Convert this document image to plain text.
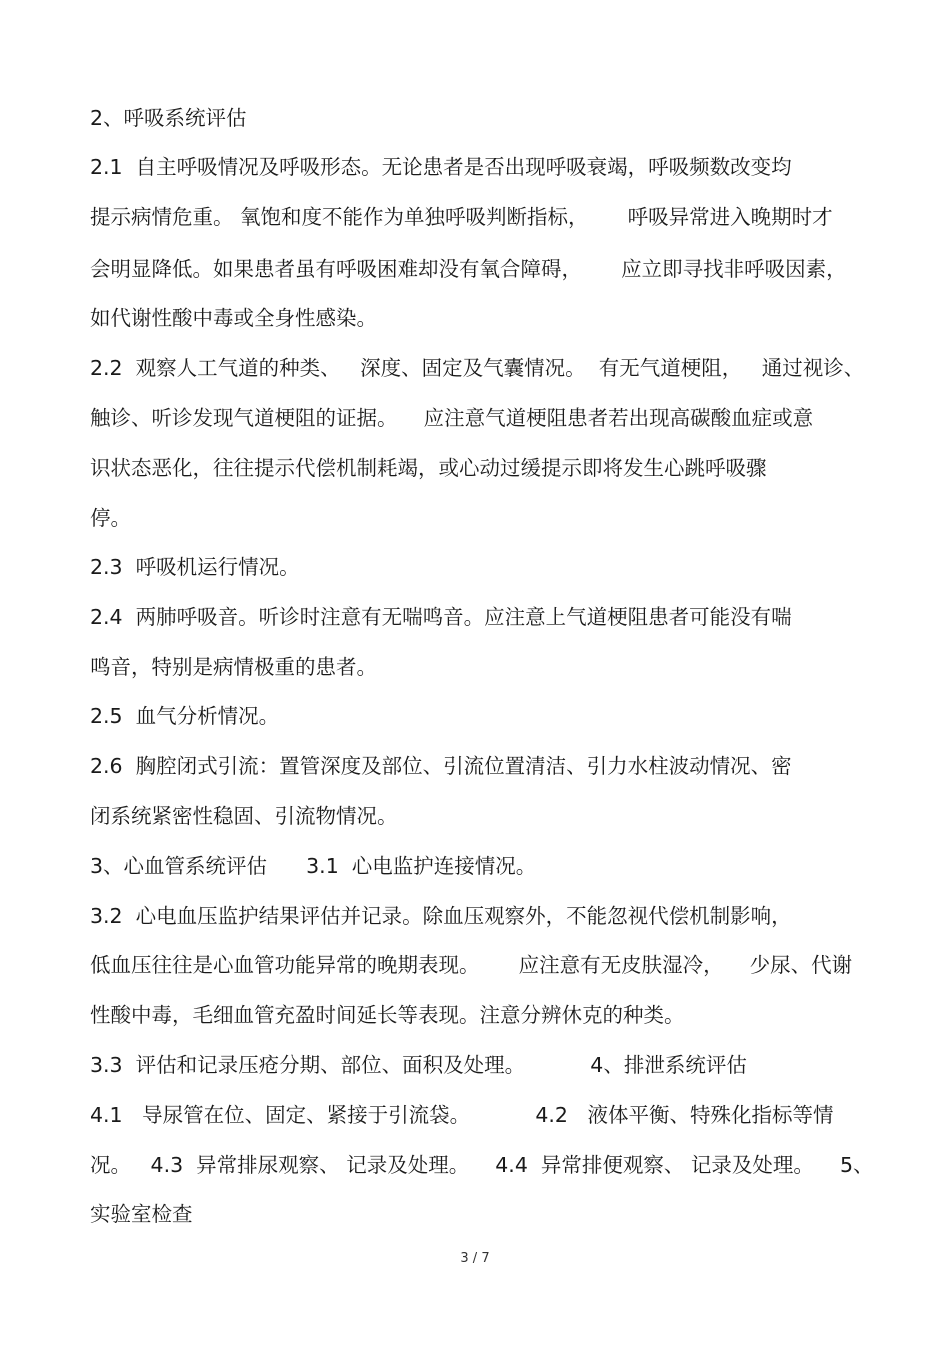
2、呼吸系统评估

2.1  自主呼吸情况及呼吸形态。无论患者是否出现呼吸衰竭，呼吸频数改变均

提示病情危重。 氧饱和度不能作为单独呼吸判断指标，      呼吸异常进入晚期时才

会明显降低。如果患者虽有呼吸困难却没有氧合障碍，      应立即寻找非呼吸因素，

如代谢性酸中毒或全身性感染。

2.2  观察人工气道的种类、   深度、固定及气囊情况。  有无气道梗阻，   通过视诊、

触诊、听诊发现气道梗阻的证据。    应注意气道梗阻患者若出现高碳酸血症或意

识状态恶化，往往提示代偿机制耗竭，或心动过缓提示即将发生心跳呼吸骤

停。

2.3  呼吸机运行情况。

2.4  两肺呼吸音。听诊时注意有无喘鸣音。应注意上气道梗阻患者可能没有喘

鸣音，特别是病情极重的患者。

2.5  血气分析情况。

2.6  胸腔闭式引流：置管深度及部位、引流位置清洁、引力水柱波动情况、密

闭系统紧密性稳固、引流物情况。

3、心血管系统评估      3.1  心电监护连接情况。

3.2  心电血压监护结果评估并记录。除血压观察外，不能忽视代偿机制影响，

低血压往往是心血管功能异常的晚期表现。      应注意有无皮肤湿冷，    少尿、代谢

性酸中毒，毛细血管充盈时间延长等表现。注意分辨休克的种类。

3.3  评估和记录压疮分期、部位、面积及处理。          4、排泄系统评估

4.1   导尿管在位、固定、紧接于引流袋。          4.2   液体平衡、特殊化指标等情

况。   4.3  异常排尿观察、 记录及处理。    4.4  异常排便观察、 记录及处理。    5、

实验室检查

3 / 7
